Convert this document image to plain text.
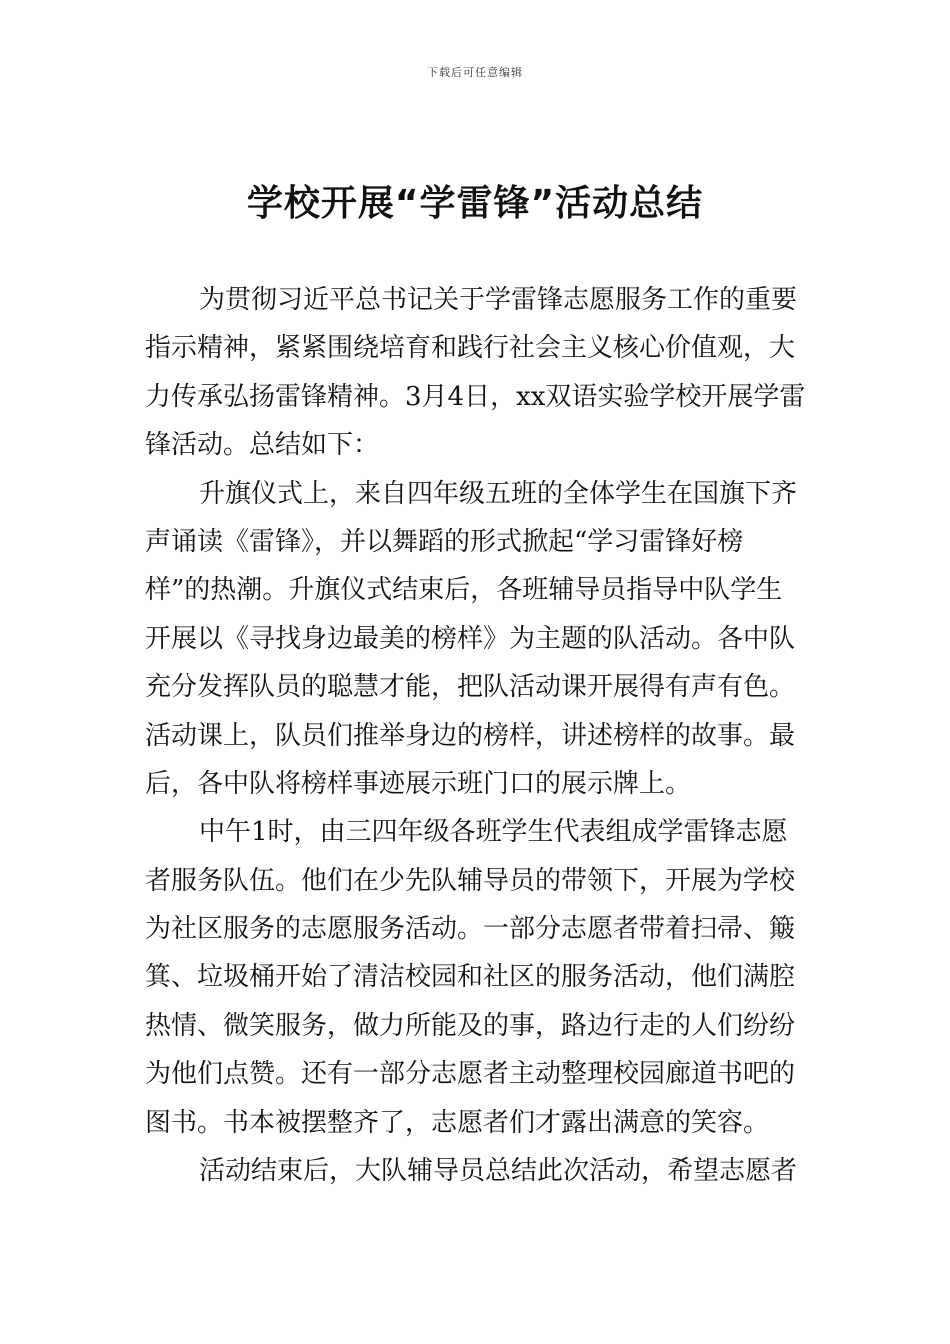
下载后可任意编辑
学校开展“学雷锋”活动总结
为贯彻习近平总书记关于学雷锋志愿服务工作的重要
指示精神，紧紧围绕培育和践行社会主义核心价值观，大
力传承弘扬雷锋精神。3月4日，xx双语实验学校开展学雷
锋活动。总结如下：
升旗仪式上，来自四年级五班的全体学生在国旗下齐
声诵读《雷锋》，并以舞蹈的形式掀起“学习雷锋好榜
样”的热潮。升旗仪式结束后，各班辅导员指导中队学生
开展以《寻找身边最美的榜样》为主题的队活动。各中队
充分发挥队员的聪慧才能，把队活动课开展得有声有色。
活动课上，队员们推举身边的榜样，讲述榜样的故事。最
后，各中队将榜样事迹展示班门口的展示牌上。
中午1时，由三四年级各班学生代表组成学雷锋志愿
者服务队伍。他们在少先队辅导员的带领下，开展为学校
为社区服务的志愿服务活动。一部分志愿者带着扫帚、簸
箕、垃圾桶开始了清洁校园和社区的服务活动，他们满腔
热情、微笑服务，做力所能及的事，路边行走的人们纷纷
为他们点赞。还有一部分志愿者主动整理校园廊道书吧的
图书。书本被摆整齐了，志愿者们才露出满意的笑容。
活动结束后，大队辅导员总结此次活动，希望志愿者
